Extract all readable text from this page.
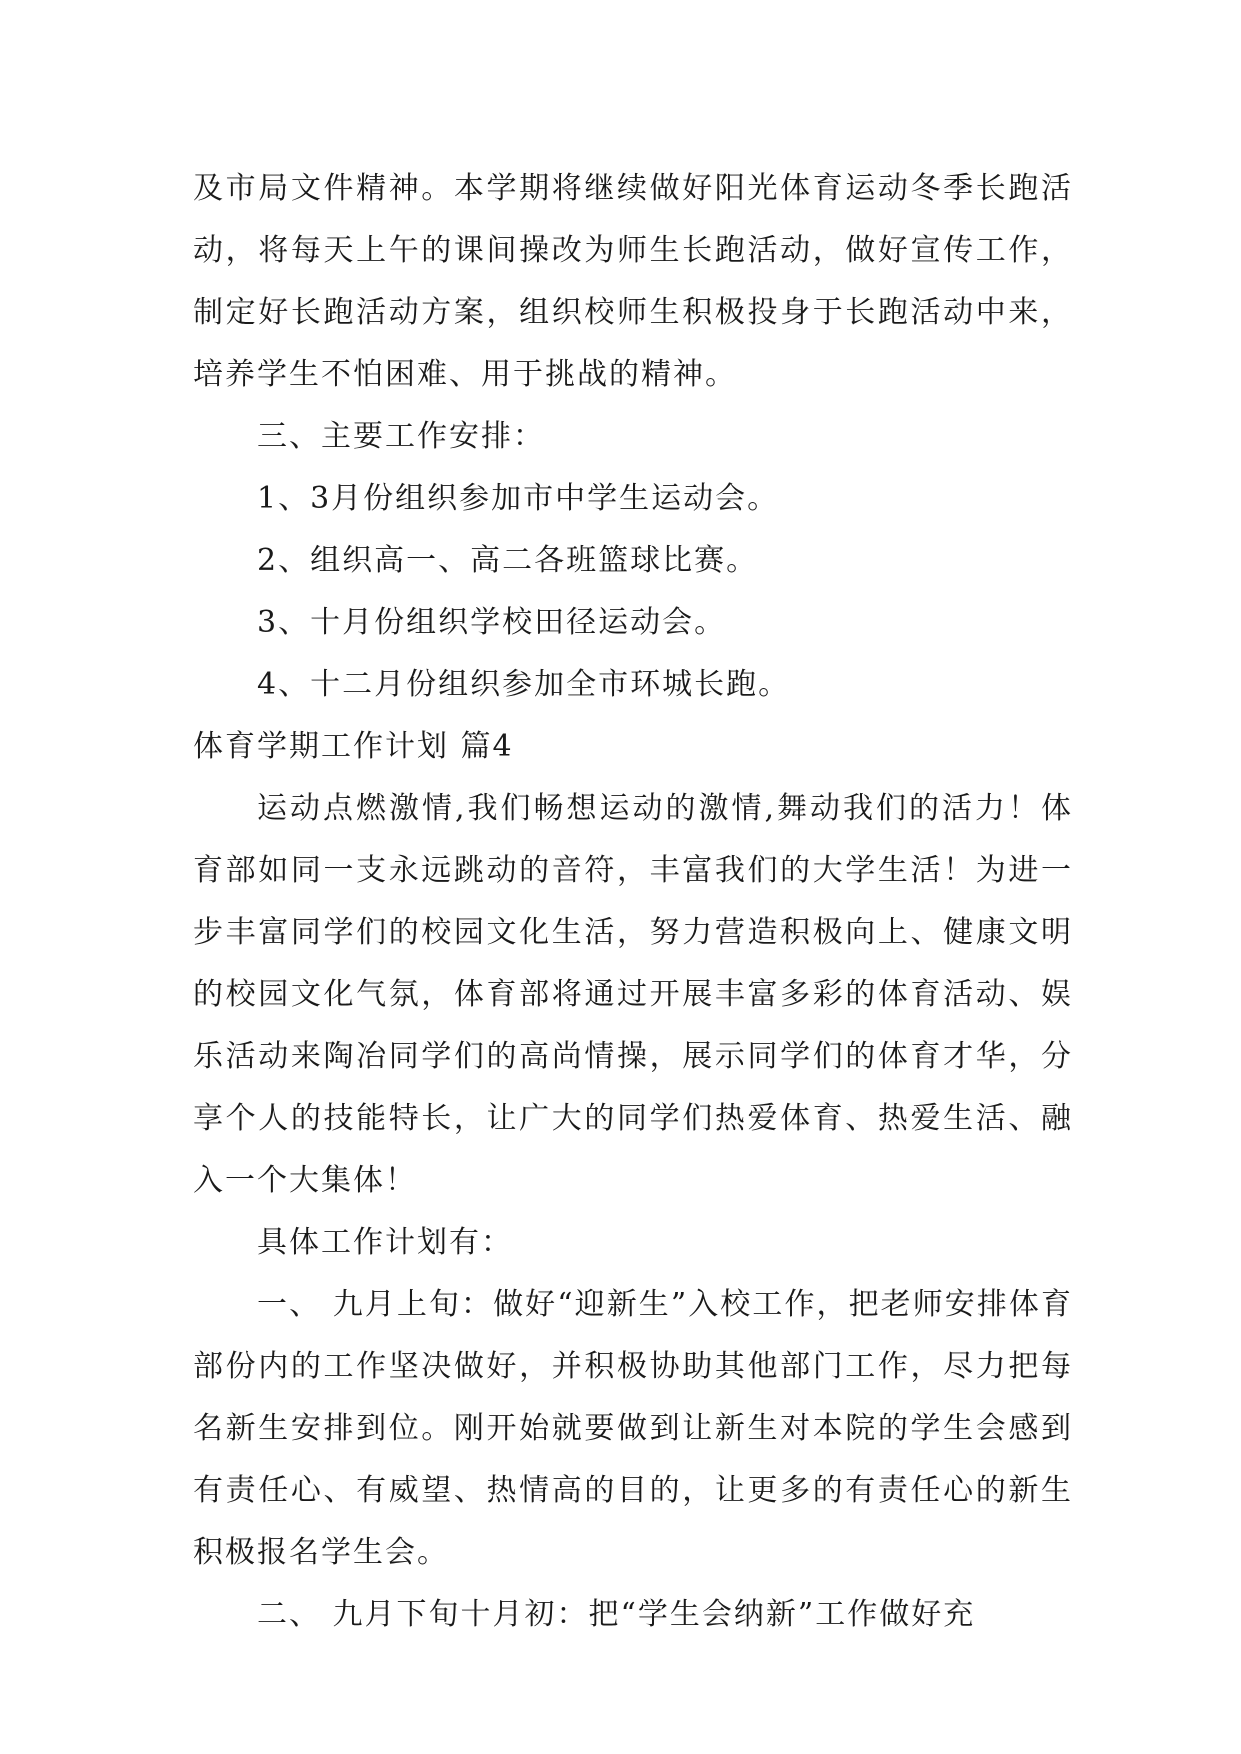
及市局文件精神。本学期将继续做好阳光体育运动冬季长跑活动，将每天上午的课间操改为师生长跑活动，做好宣传工作，制定好长跑活动方案，组织校师生积极投身于长跑活动中来，培养学生不怕困难、用于挑战的精神。

三、主要工作安排：

1、3月份组织参加市中学生运动会。

2、组织高一、高二各班篮球比赛。

3、十月份组织学校田径运动会。

4、十二月份组织参加全市环城长跑。

体育学期工作计划 篇4

运动点燃激情,我们畅想运动的激情,舞动我们的活力！体育部如同一支永远跳动的音符，丰富我们的大学生活！为进一步丰富同学们的校园文化生活，努力营造积极向上、健康文明的校园文化气氛，体育部将通过开展丰富多彩的体育活动、娱乐活动来陶冶同学们的高尚情操，展示同学们的体育才华，分享个人的技能特长，让广大的同学们热爱体育、热爱生活、融入一个大集体！

具体工作计划有：

一、 九月上旬：做好“迎新生”入校工作，把老师安排体育部份内的工作坚决做好，并积极协助其他部门工作，尽力把每名新生安排到位。刚开始就要做到让新生对本院的学生会感到有责任心、有威望、热情高的目的，让更多的有责任心的新生积极报名学生会。

二、 九月下旬十月初：把“学生会纳新”工作做好充
